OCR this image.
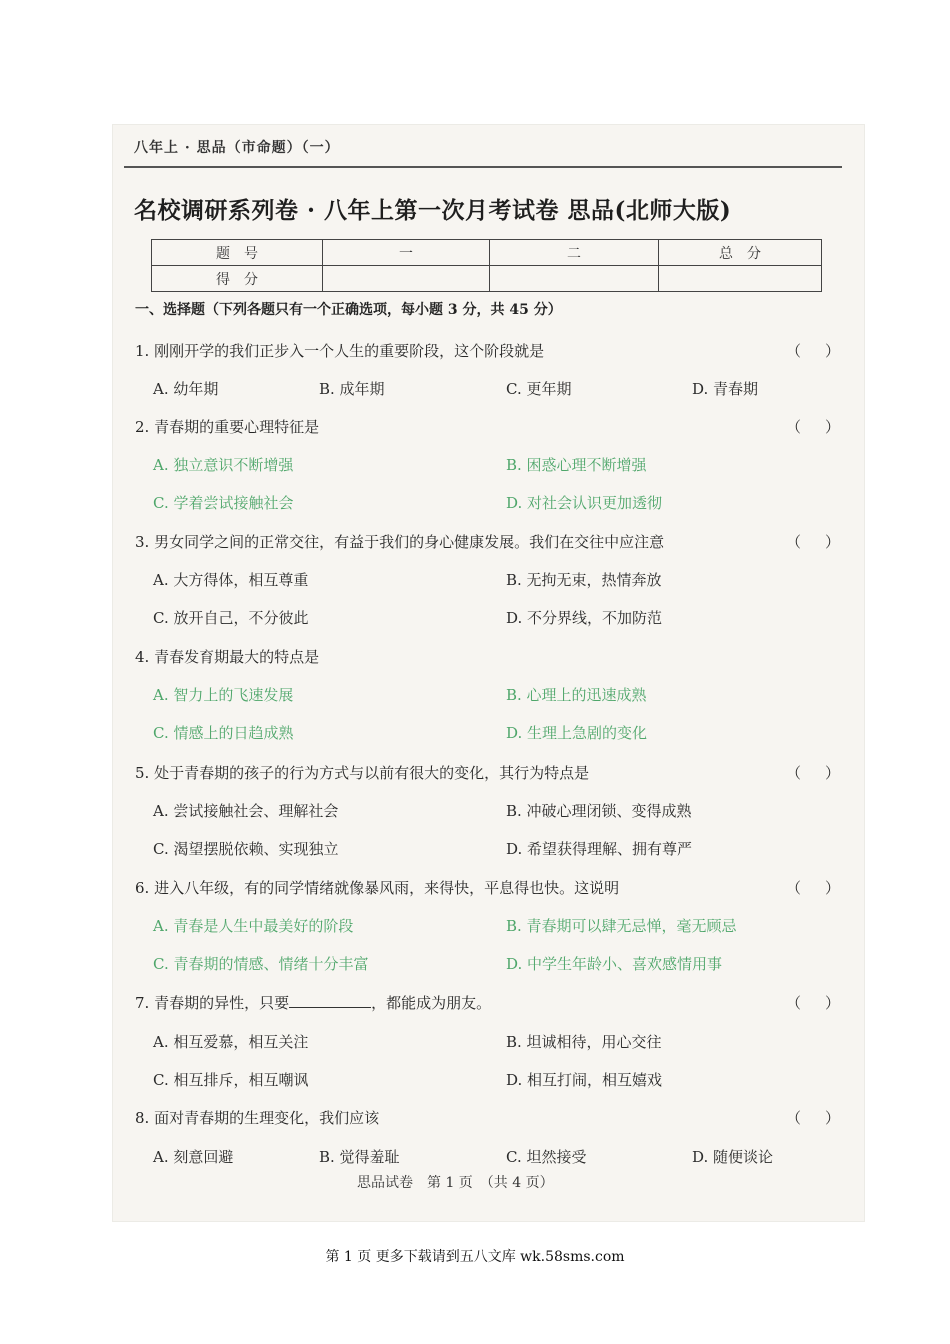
八年上 · 思品（市命题）（一）
名校调研系列卷 · 八年上第一次月考试卷 思品(北师大版)
题　号	一	二	总　分
得　分			
一、选择题（下列各题只有一个正确选项，每小题 3 分，共 45 分）
1. 刚刚开学的我们正步入一个人生的重要阶段，这个阶段就是	（）
A. 幼年期	B. 成年期	C. 更年期	D. 青春期
2. 青春期的重要心理特征是	（）
A. 独立意识不断增强	B. 困惑心理不断增强
C. 学着尝试接触社会	D. 对社会认识更加透彻
3. 男女同学之间的正常交往，有益于我们的身心健康发展。我们在交往中应注意	（）
A. 大方得体，相互尊重	B. 无拘无束，热情奔放
C. 放开自己，不分彼此	D. 不分界线，不加防范
4. 青春发育期最大的特点是
A. 智力上的飞速发展	B. 心理上的迅速成熟
C. 情感上的日趋成熟	D. 生理上急剧的变化
5. 处于青春期的孩子的行为方式与以前有很大的变化，其行为特点是	（）
A. 尝试接触社会、理解社会	B. 冲破心理闭锁、变得成熟
C. 渴望摆脱依赖、实现独立	D. 希望获得理解、拥有尊严
6. 进入八年级，有的同学情绪就像暴风雨，来得快，平息得也快。这说明	（）
A. 青春是人生中最美好的阶段	B. 青春期可以肆无忌惮，毫无顾忌
C. 青春期的情感、情绪十分丰富	D. 中学生年龄小、喜欢感情用事
7. 青春期的异性，只要	，都能成为朋友。	（）
A. 相互爱慕，相互关注	B. 坦诚相待，用心交往
C. 相互排斥，相互嘲讽	D. 相互打闹，相互嬉戏
8. 面对青春期的生理变化，我们应该	（）
A. 刻意回避	B. 觉得羞耻	C. 坦然接受	D. 随便谈论
思品试卷　第 1 页　（共 4 页）
第 1 页 更多下载请到五八文库 wk.58sms.com
